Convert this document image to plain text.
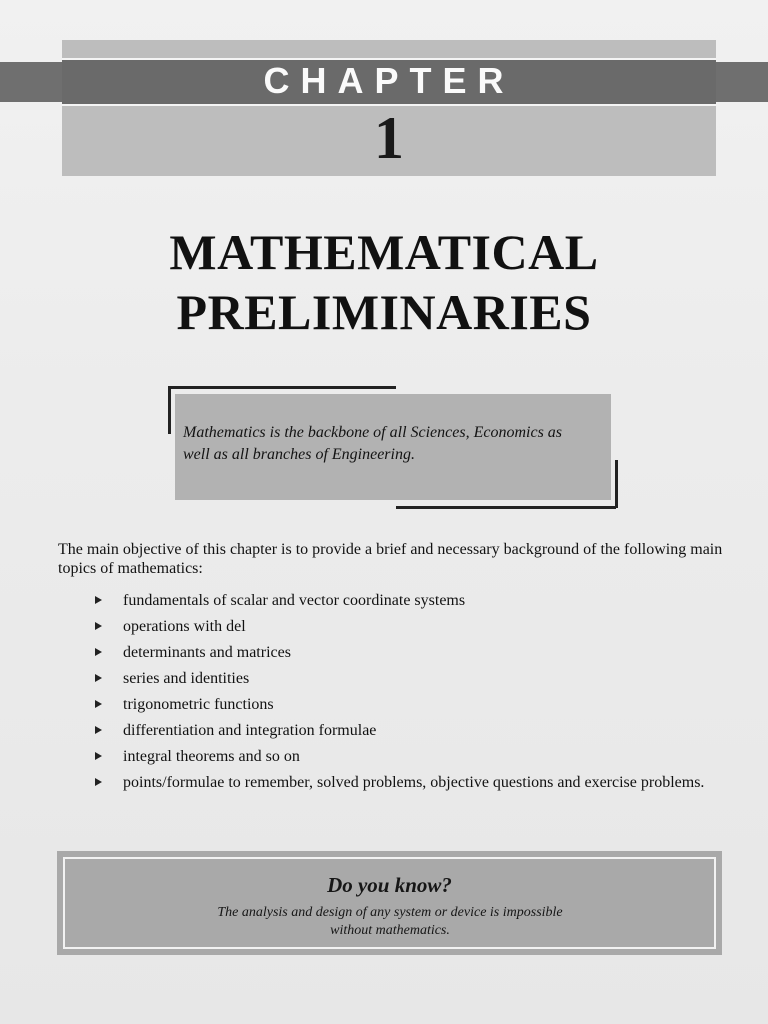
CHAPTER
1
MATHEMATICAL
PRELIMINARIES
Mathematics is the backbone of all Sciences, Economics as
well as all branches of Engineering.

The main objective of this chapter is to provide a brief and necessary background of the following main topics of mathematics:

fundamentals of scalar and vector coordinate systems
operations with del
determinants and matrices
series and identities
trigonometric functions
differentiation and integration formulae
integral theorems and so on
points/formulae to remember, solved problems, objective questions and exercise problems.
Do you know?
The analysis and design of any system or device is impossible
without mathematics.
